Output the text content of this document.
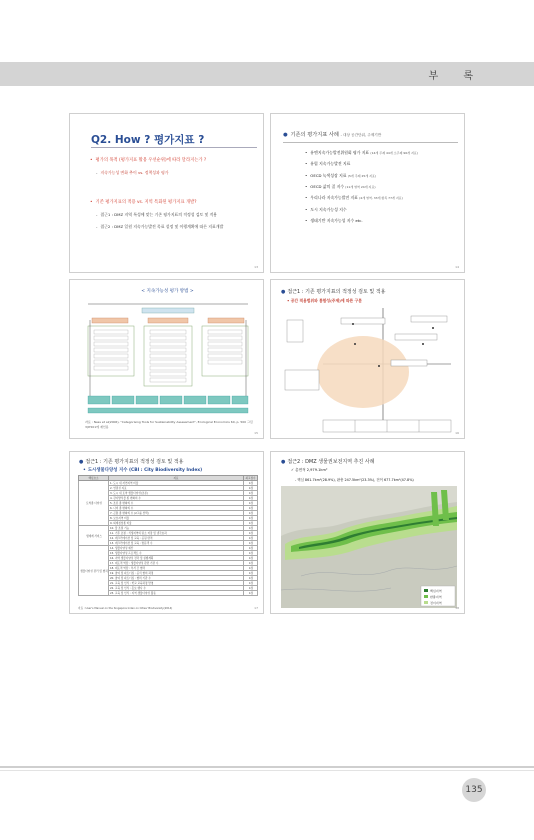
부 록
Q2. How ? 평가지표 ?
• 평가의 목적 (평가지표 활용 우선순위)에 따라 달라지는가 ?
- 지속가능성 변화 추이 vs. 정책성과 평가
• 기존 평가지표의 적용 vs. 지역 특화된 평가지표 개발?
- 접근1 : DMZ 지역 특성에 맞는 기존 평가지표의 적정성 검토 및 적용
- 접근2 : DMZ 일원 지속가능발전 목표 설정 및 이행계획에 따른 지표개발
13
● 기존의 평가지표 사례 - 대상 공간단위, 주제기반
• 유엔지속가능발전위원회 평가 지표 (14개 주제 44개 소주제 96개 지표)
• 유럽 지속가능발전 지표
• OECD 녹색성장 지표 (5개 주제 25개 지표)
• OECD 삶의 질 지수 (11개 영역 24개 지표)
• 우리나라 지속가능발전 지표 (4개 영역, 33개 항목 77개 지표)
• 도시 지속가능성 지수
• 생태기반 지속가능성 지수 etc.
14
< 지속가능성 평가 방법 >
자료 : Ness et al(2006), "Categorising Tools for Sustainability Assessment", Ecological Economics 60, p. 500 그림3(P.501에 재인용
15
● 접근1 : 기존 평가지표의 적정성 검토 및 적용
• 공간 적용범위와 통합성(주제)에 따른 구분
16
● 접근1 : 기존 평가지표의 적정성 검토 및 적용
• 도시생물다양성 지수 (CBI : City Biodiversity Index)
핵심요소	지표	최고점수
토착종 다양성	1. 도시 내 자연지역 비율	4점
	2. 연결성 지표	4점
	3. 도시 내 토착 생물다양성(조류)	4점
	4. 관다발식물 종 변화의 수	4점
	5. 조류 종 변화의 수	4점
	6. 나비 종 변화의 수	4점
	7. 곤충 종 변화의 수 (2그룹 선택)	4점
	8. 보호지역 비율	4점
	9. 외래침입종 비율	4점
생태계 서비스	10. 물 조절 기능	4점
	11. 기후 조절 : 식생지역의 탄소 저장 및 냉각효과	4점
	12. 레크리에이션 및 교육 : 공원 면적	4점
	13. 레크리에이션 및 교육 : 방문객 수	4점
생물다양성 관리 및 협치	14. 생물다양성 예산	4점
	15. 생물다양성 프로젝트 수	4점
	16. 지역 생물다양성 전략 및 실행계획	4점
	17. 제도적 역량 : 생물다양성 관련 기관 수	4점
	18. 제도적 역량 : 부서 간 협력	4점
	19. 참여 및 파트너십 : 공식 협의 과정	4점
	20. 참여 및 파트너십 : 협력 기관 수	4점
	21. 교육 및 인식 : 학교 교육과정 반영	4점
	22. 교육 및 인식 : 홍보 행사 수	4점
	23. 교육 및 인식 : 지역 생물다양성 활동	4점
자료 : User's Manual on the Singapore Index on Cities' Biodiversity(2014)	17
● 접근2 : DMZ 생물권보전지역 추진 사례
✓ 총면적 2,979.1km²
- 핵심 861.7km²(28.9%), 완충 247.5km²(23.3%), 전이 677.7km²(47.8%)
핵심지역
완충지역
전이지역
18
135
